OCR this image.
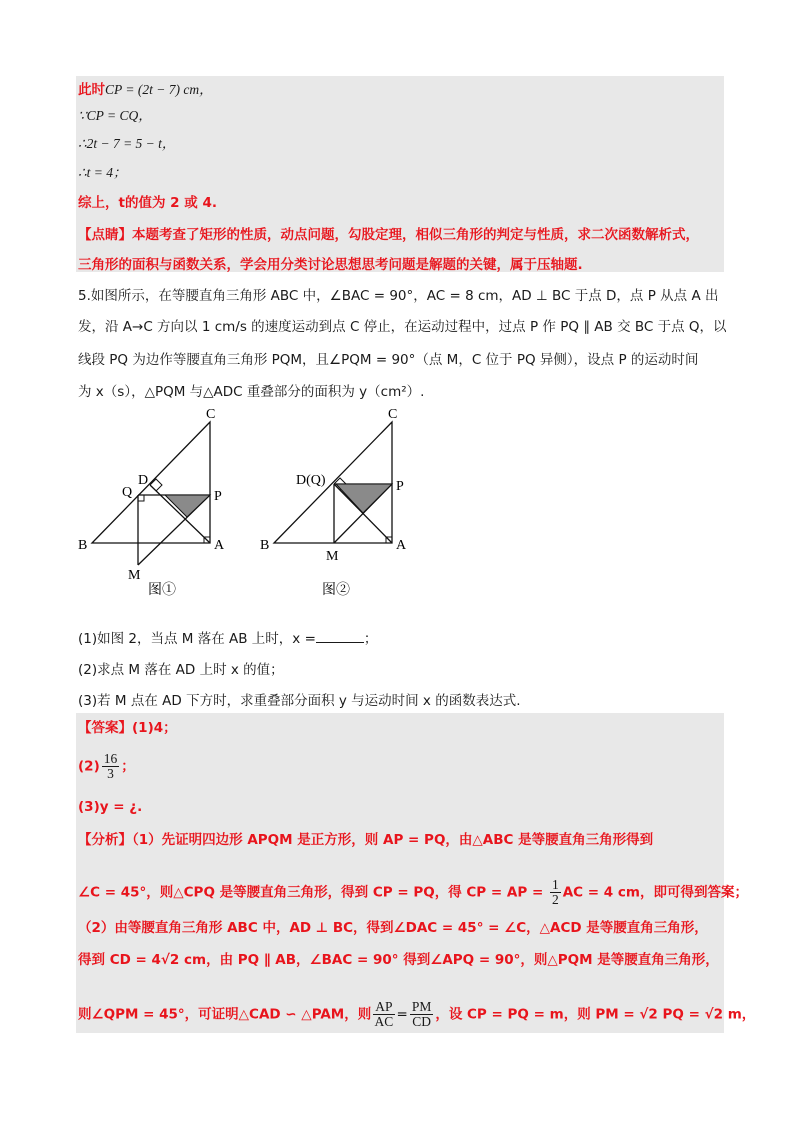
此时CP = (2t − 7) cm，
∵CP = CQ，
∴2t − 7 = 5 − t，
∴t = 4；
综上，t的值为 2 或 4.
【点睛】本题考查了矩形的性质，动点问题，勾股定理，相似三角形的判定与性质，求二次函数解析式，
三角形的面积与函数关系，学会用分类讨论思想思考问题是解题的关键，属于压轴题.
5.如图所示，在等腰直角三角形 ABC 中，∠BAC = 90°，AC = 8 cm，AD ⊥ BC 于点 D，点 P 从点 A 出
发，沿 A→C 方向以 1 cm/s 的速度运动到点 C 停止，在运动过程中，过点 P 作 PQ ∥ AB 交 BC 于点 Q，以
线段 PQ 为边作等腰直角三角形 PQM，且∠PQM = 90°（点 M，C 位于 PQ 异侧），设点 P 的运动时间
为 x（s），△PQM 与△ADC 重叠部分的面积为 y（cm²）.
C
D
Q	P
B	A
M
图①
C
D(Q)	P
B	A
M
图②
(1)如图 2，当点 M 落在 AB 上时，x =	；
(2)求点 M 落在 AD 上时 x 的值；
(3)若 M 点在 AD 下方时，求重叠部分面积 y 与运动时间 x 的函数表达式.
【答案】(1)4；
$(2) \frac{16}{3}$ ；
(3)y = ¿.
【分析】（1）先证明四边形 APQM 是正方形，则 AP = PQ，由△ABC 是等腰直角三角形得到
∠C = 45°，则△CPQ 是等腰直角三角形，得到 CP = PQ，得 CP = AP = $\frac{1}{2}$ AC = 4 cm，即可得到答案；
（2）由等腰直角三角形 ABC 中，AD ⊥ BC，得到∠DAC = 45° = ∠C，△ACD 是等腰直角三角形，
得到 CD = 4√2 cm，由 PQ ∥ AB，∠BAC = 90° 得到∠APQ = 90°，则△PQM 是等腰直角三角形，
则∠QPM = 45°，可证明△CAD ∽ △PAM，则 $\frac{AP}{AC} = \frac{PM}{CD}$ ，设 CP = PQ = m，则 PM = √2 PQ = √2 m，
